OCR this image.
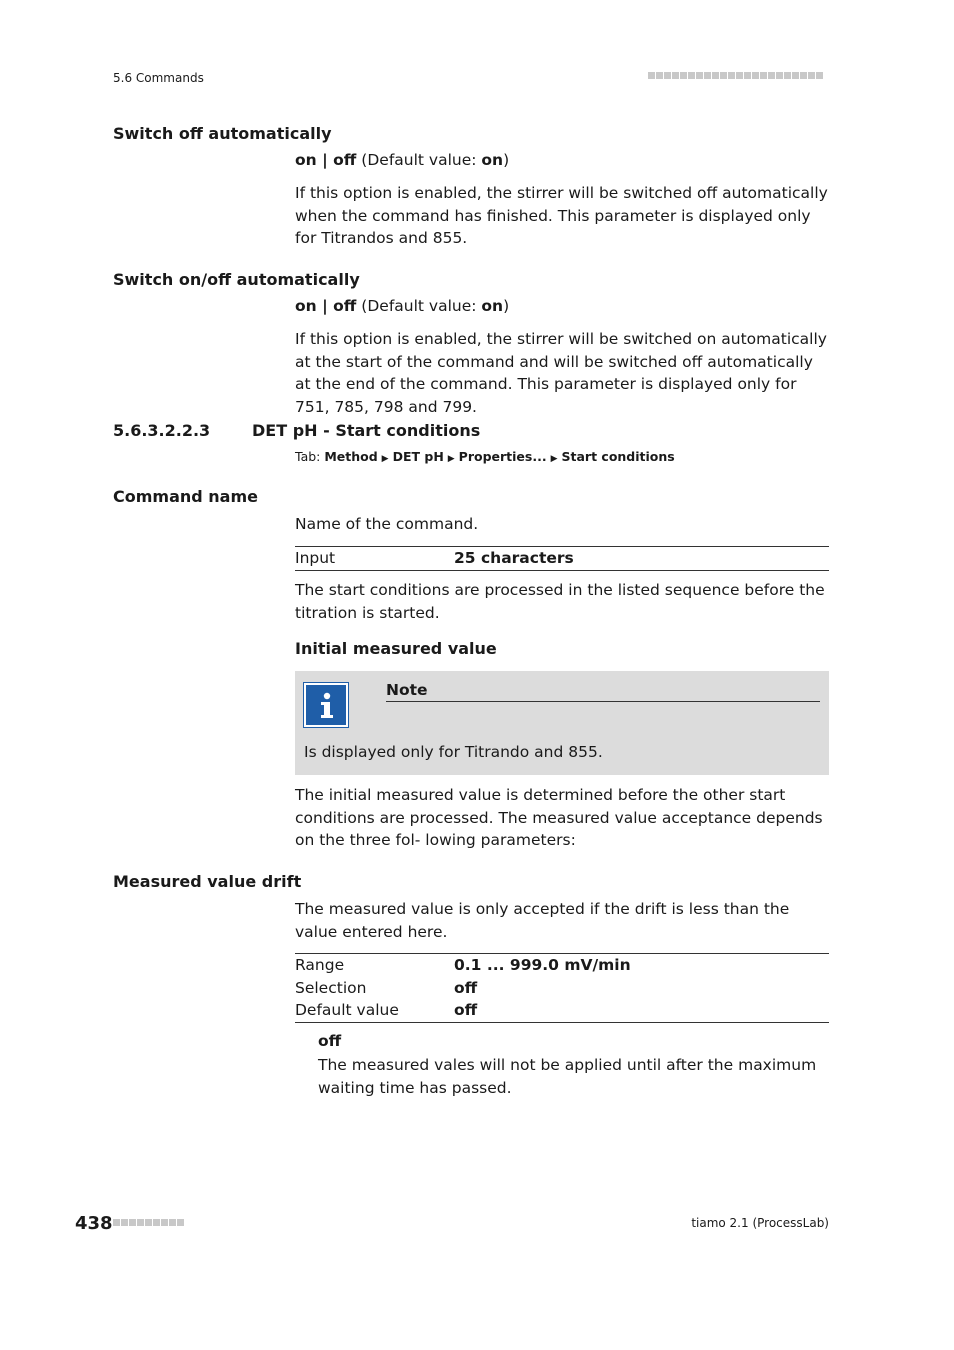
5.6 Commands
Switch off automatically
on | off (Default value: on)
If this option is enabled, the stirrer will be switched off automatically when the command has finished. This parameter is displayed only for Titrandos and 855.
Switch on/off automatically
on | off (Default value: on)
If this option is enabled, the stirrer will be switched on automatically at the start of the command and will be switched off automatically at the end of the command. This parameter is displayed only for 751, 785, 798 and 799.
5.6.3.2.2.3	DET pH - Start conditions
Tab: Method ▶ DET pH ▶ Properties... ▶ Start conditions
Command name
Name of the command.
Input	25 characters
The start conditions are processed in the listed sequence before the titration is started.
Initial measured value
Note
Is displayed only for Titrando and 855.
The initial measured value is determined before the other start conditions are processed. The measured value acceptance depends on the three fol- lowing parameters:
Measured value drift
The measured value is only accepted if the drift is less than the value entered here.
Range	0.1 ... 999.0 mV/min
Selection	off
Default value	off
off
The measured vales will not be applied until after the maximum waiting time has passed.
438	tiamo 2.1 (ProcessLab)
